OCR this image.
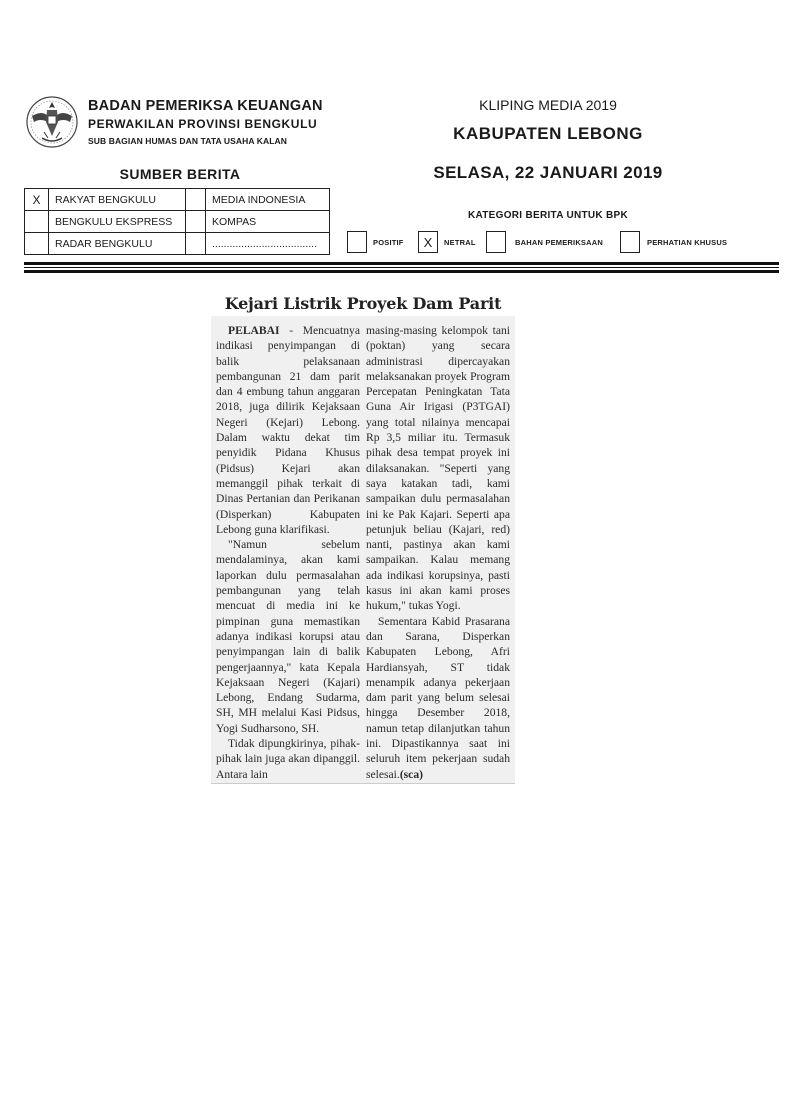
BADAN PEMERIKSA KEUANGAN
PERWAKILAN PROVINSI BENGKULU
SUB BAGIAN HUMAS DAN TATA USAHA KALAN
KLIPING MEDIA 2019
KABUPATEN LEBONG
SELASA, 22 JANUARI 2019
SUMBER BERITA
X	RAKYAT BENGKULU		MEDIA INDONESIA
	BENGKULU EKSPRESS		KOMPAS
	RADAR BENGKULU		....................................
KATEGORI BERITA UNTUK BPK
POSITIF	X	NETRAL	BAHAN PEMERIKSAAN	PERHATIAN KHUSUS
Kejari Listrik Proyek Dam Parit

PELABAI - Mencuatnya indikasi penyimpangan di balik pelaksanaan pembangunan 21 dam parit dan 4 embung tahun anggaran 2018, juga dilirik Kejaksaan Negeri (Kejari) Lebong. Dalam waktu dekat tim penyidik Pidana Khusus (Pidsus) Kejari akan memanggil pihak terkait di Dinas Pertanian dan Perikanan (Disperkan) Kabupaten Lebong guna klarifikasi.

"Namun sebelum mendalaminya, akan kami laporkan dulu permasalahan pembangunan yang telah mencuat di media ini ke pimpinan guna memastikan adanya indikasi korupsi atau penyimpangan lain di balik pengerjaannya," kata Kepala Kejaksaan Negeri (Kajari) Lebong, Endang Sudarma, SH, MH melalui Kasi Pidsus, Yogi Sudharsono, SH.

Tidak dipungkirinya, pihak-pihak lain juga akan dipanggil. Antara lain

masing-masing kelompok tani (poktan) yang secara administrasi dipercayakan melaksanakan proyek Program Percepatan Peningkatan Tata Guna Air Irigasi (P3TGAI) yang total nilainya mencapai Rp 3,5 miliar itu. Termasuk pihak desa tempat proyek ini dilaksanakan. "Seperti yang saya katakan tadi, kami sampaikan dulu permasalahan ini ke Pak Kajari. Seperti apa petunjuk beliau (Kajari, red) nanti, pastinya akan kami sampaikan. Kalau memang ada indikasi korupsinya, pasti kasus ini akan kami proses hukum," tukas Yogi.

Sementara Kabid Prasarana dan Sarana, Disperkan Kabupaten Lebong, Afri Hardiansyah, ST tidak menampik adanya pekerjaan dam parit yang belum selesai hingga Desember 2018, namun tetap dilanjutkan tahun ini. Dipastikannya saat ini seluruh item pekerjaan sudah selesai.(sca)
